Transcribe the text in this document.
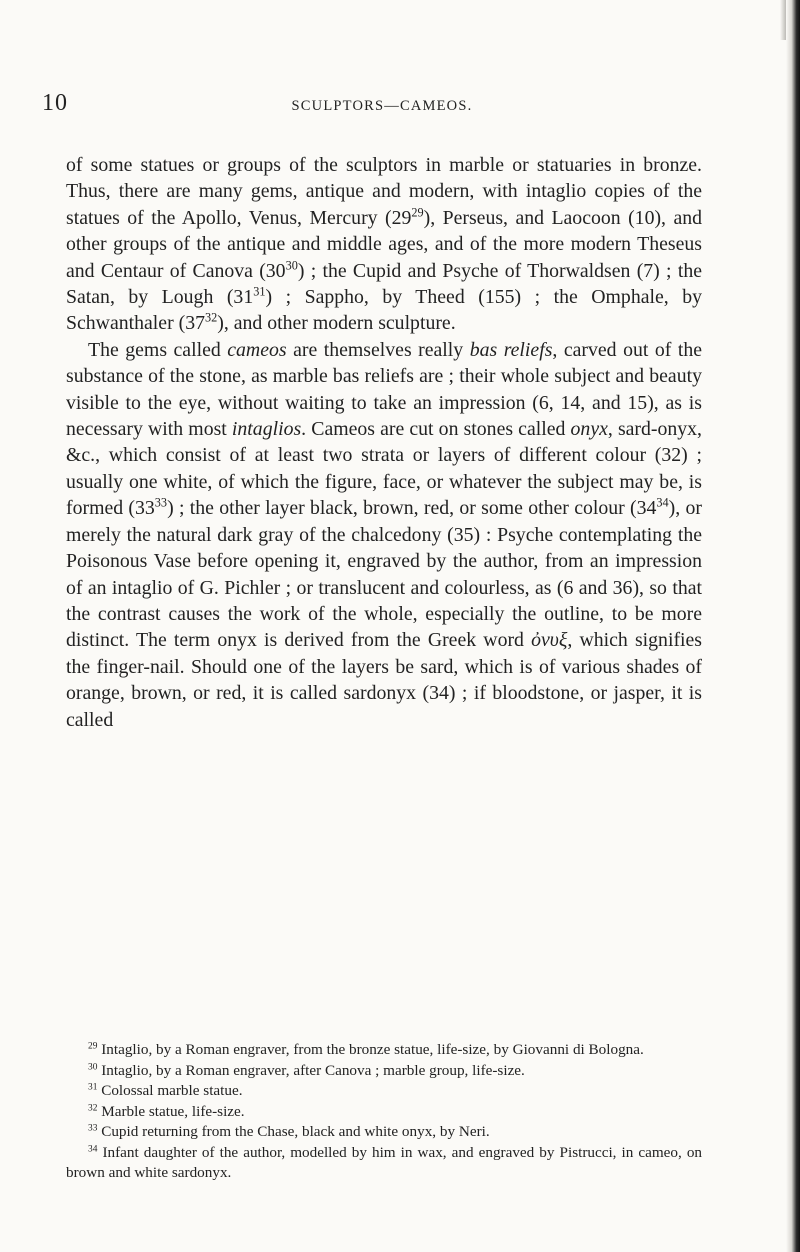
10	SCULPTORS—CAMEOS.

of some statues or groups of the sculptors in marble or statuaries in bronze. Thus, there are many gems, antique and modern, with intaglio copies of the statues of the Apollo, Venus, Mercury $(29^{29})$, Perseus, and Laocoon (10), and other groups of the antique and middle ages, and of the more modern Theseus and Centaur of Canova $(30^{30})$ ; the Cupid and Psyche of Thorwaldsen (7) ; the Satan, by Lough $(31^{31})$ ; Sappho, by Theed (155) ; the Omphale, by Schwanthaler $(37^{32})$, and other modern sculpture.

The gems called cameos are themselves really bas reliefs, carved out of the substance of the stone, as marble bas reliefs are ; their whole subject and beauty visible to the eye, without waiting to take an impression (6, 14, and 15), as is necessary with most intaglios. Cameos are cut on stones called onyx, sard-onyx, &c., which consist of at least two strata or layers of different colour (32) ; usually one white, of which the figure, face, or whatever the subject may be, is formed $(33^{33})$ ; the other layer black, brown, red, or some other colour $(34^{34})$, or merely the natural dark gray of the chalcedony (35) : Psyche contemplating the Poisonous Vase before opening it, engraved by the author, from an impression of an intaglio of G. Pichler ; or translucent and colourless, as (6 and 36), so that the contrast causes the work of the whole, especially the outline, to be more distinct. The term onyx is derived from the Greek word ὀνυξ, which signifies the finger-nail. Should one of the layers be sard, which is of various shades of orange, brown, or red, it is called sardonyx (34) ; if bloodstone, or jasper, it is called

$^{29}$ Intaglio, by a Roman engraver, from the bronze statue, life-size, by Giovanni di Bologna.

$^{30}$ Intaglio, by a Roman engraver, after Canova ; marble group, life-size.

$^{31}$ Colossal marble statue.

$^{32}$ Marble statue, life-size.

$^{33}$ Cupid returning from the Chase, black and white onyx, by Neri.

$^{34}$ Infant daughter of the author, modelled by him in wax, and engraved by Pistrucci, in cameo, on brown and white sardonyx.
